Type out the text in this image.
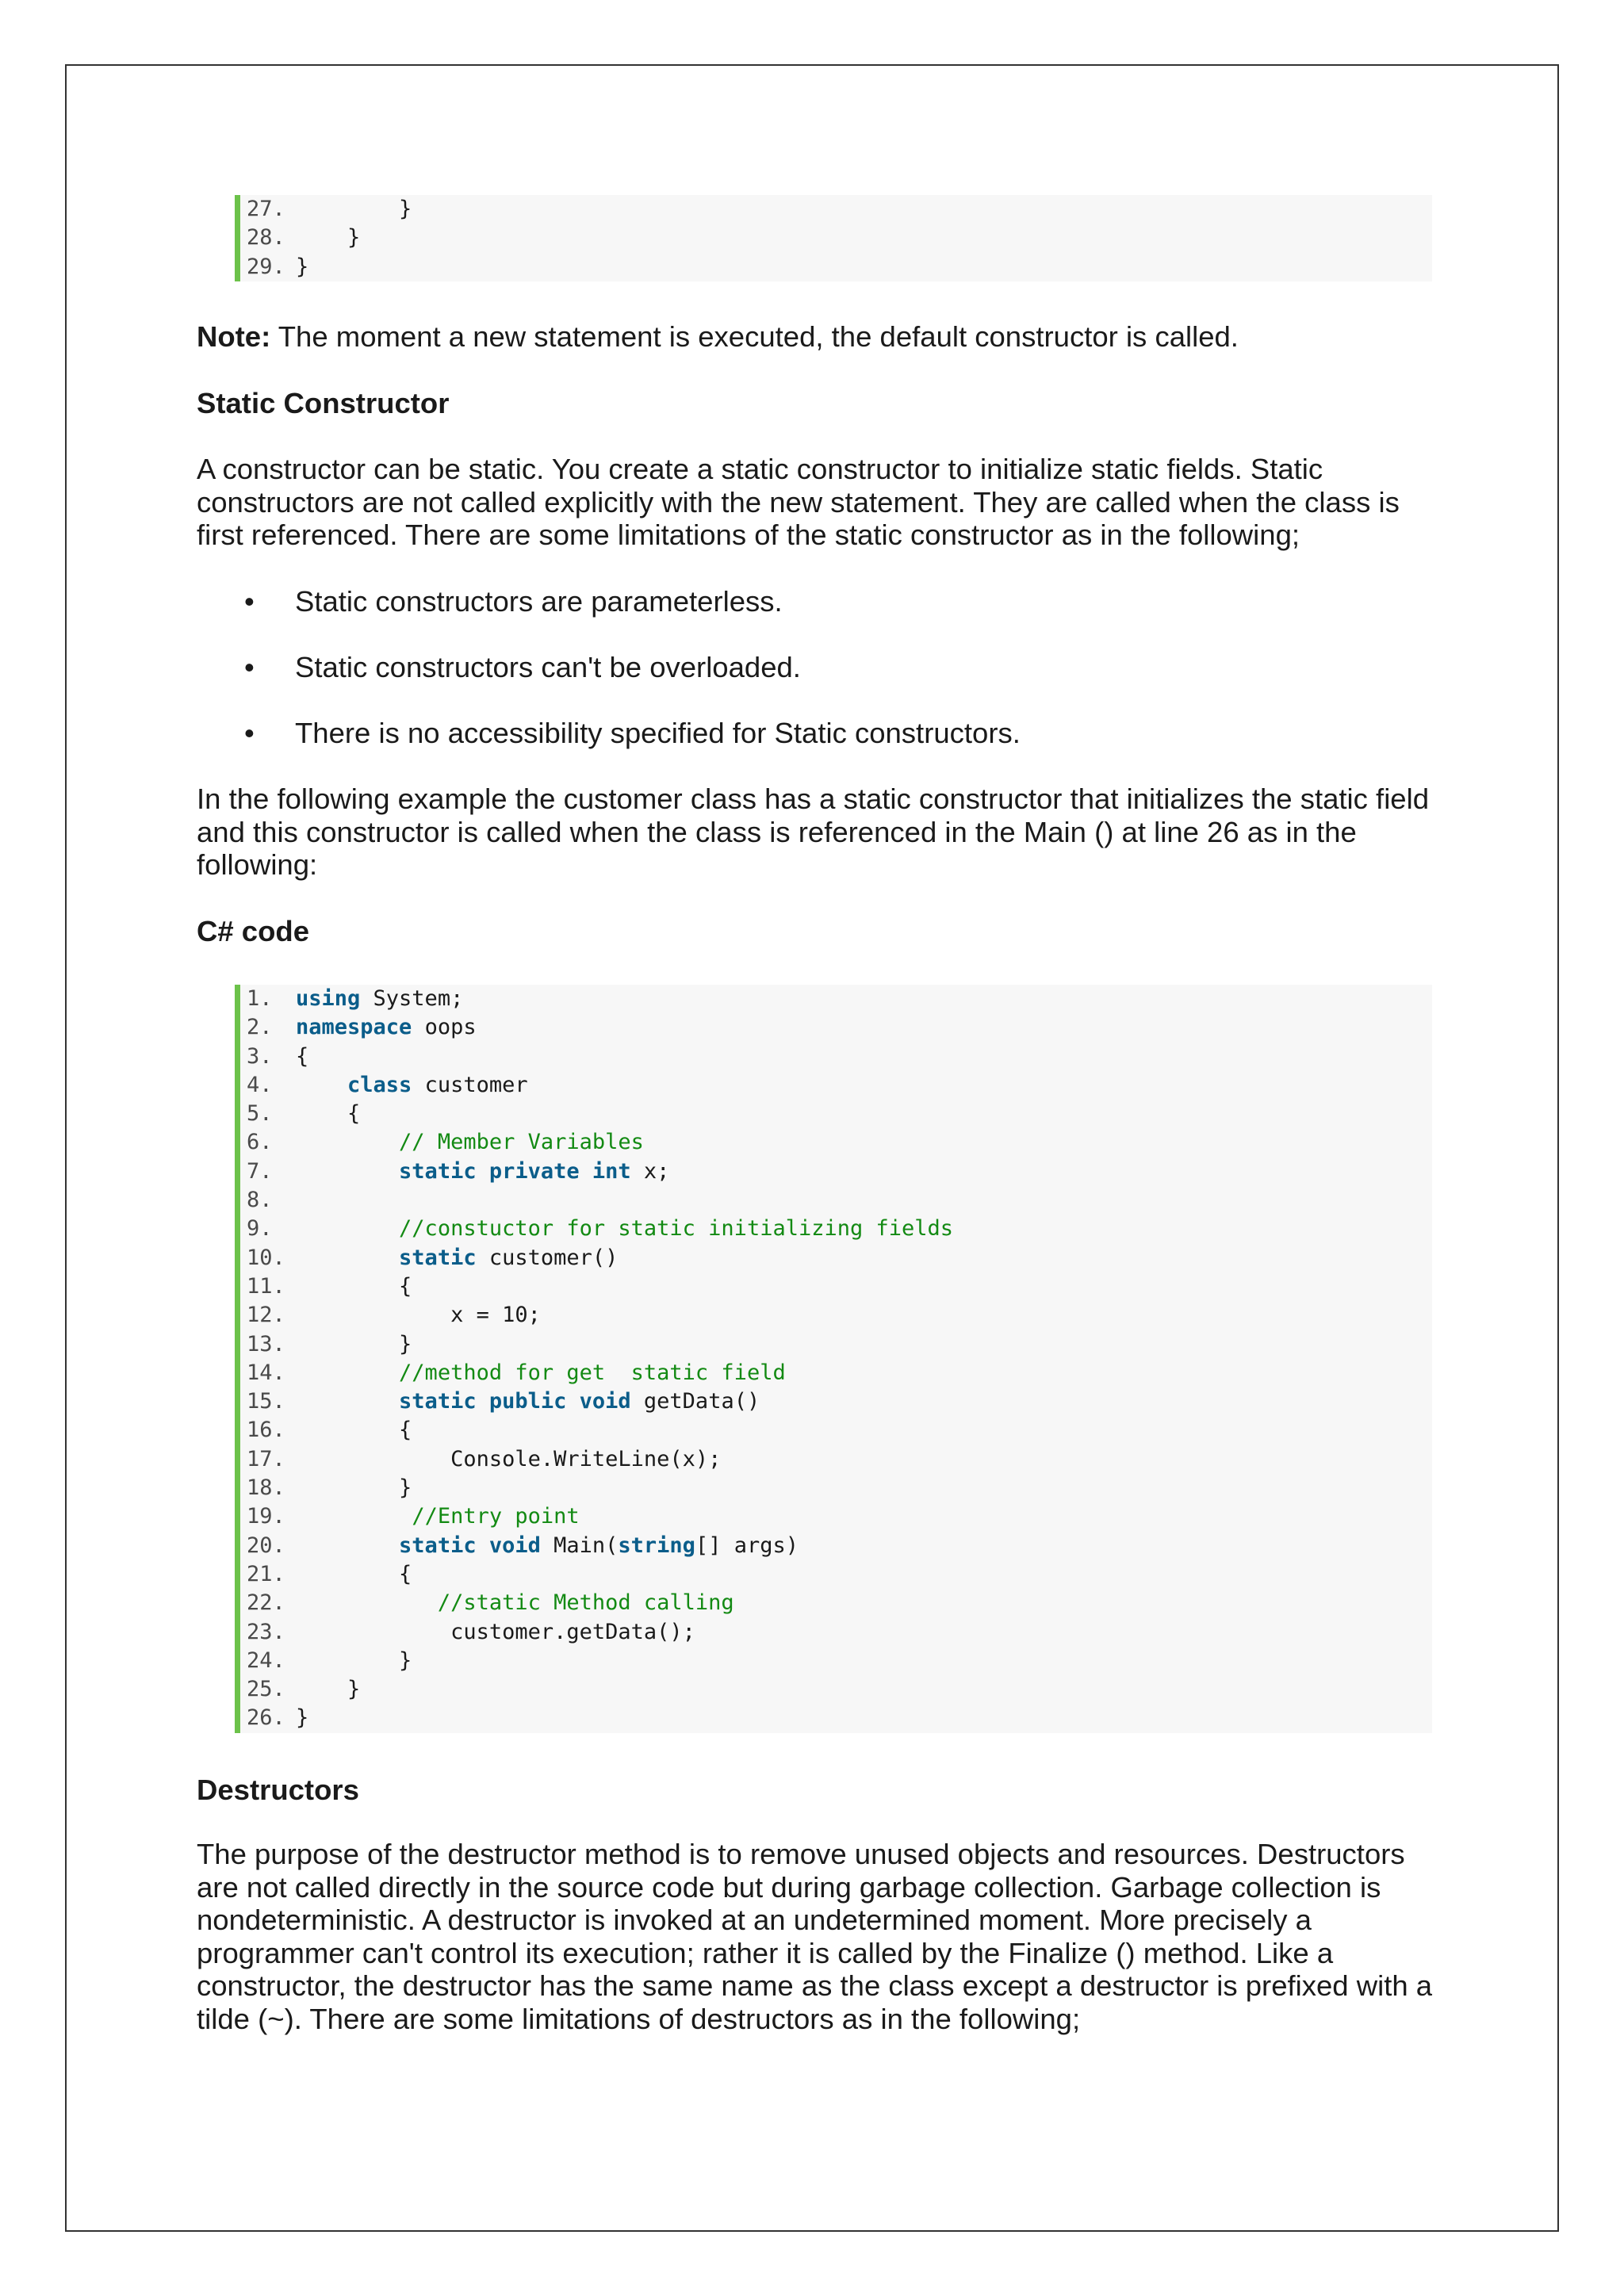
27. }
28. }
29. }

Note: The moment a new statement is executed, the default constructor is called.

Static Constructor

A constructor can be static. You create a static constructor to initialize static fields. Static
constructors are not called explicitly with the new statement. They are called when the class is
first referenced. There are some limitations of the static constructor as in the following;
• Static constructors are parameterless.
• Static constructors can't be overloaded.
• There is no accessibility specified for Static constructors.
In the following example the customer class has a static constructor that initializes the static field
and this constructor is called when the class is referenced in the Main () at line 26 as in the
following:

C# code

1.	using System;
2.	namespace oops
3.	{
4.	class customer
5.	{
6.	// Member Variables
7.	static private int x;
8.
9.	//constuctor for static initializing fields
10.	static customer()
11. {
12. x = 10;
13. }
14.	//method for get  static field
15.	static public void getData()
16. {
17. Console.WriteLine(x);
18. }
19.	//Entry point
20.	static void Main(string[] args)
21. {
22.	//static Method calling
23. customer.getData();
24. }
25. }
26. }

Destructors

The purpose of the destructor method is to remove unused objects and resources. Destructors
are not called directly in the source code but during garbage collection. Garbage collection is
nondeterministic. A destructor is invoked at an undetermined moment. More precisely a
programmer can't control its execution; rather it is called by the Finalize () method. Like a
constructor, the destructor has the same name as the class except a destructor is prefixed with a
tilde (~). There are some limitations of destructors as in the following;
